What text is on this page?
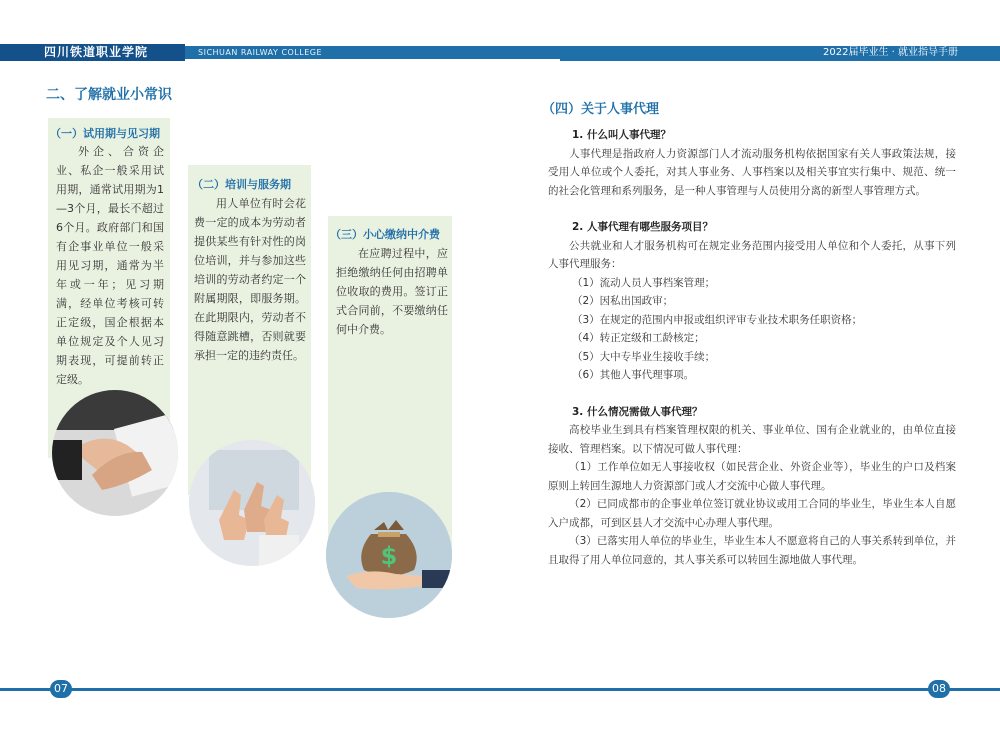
四川铁道职业学院	SICHUAN RAILWAY COLLEGE	2022届毕业生 · 就业指导手册
二、了解就业小常识
（一）试用期与见习期
外企、合资企业、私企一般采用试用期，通常试用期为1—3个月，最长不超过6个月。政府部门和国有企事业单位一般采用见习期，通常为半年或一年；见习期满，经单位考核可转正定级，国企根据本单位规定及个人见习期表现，可提前转正定级。
（二）培训与服务期
用人单位有时会花费一定的成本为劳动者提供某些有针对性的岗位培训，并与参加这些培训的劳动者约定一个附属期限，即服务期。在此期限内，劳动者不得随意跳槽，否则就要承担一定的违约责任。
（三）小心缴纳中介费
在应聘过程中，应拒绝缴纳任何由招聘单位收取的费用。签订正式合同前，不要缴纳任何中介费。
$
（四）关于人事代理
1. 什么叫人事代理？
人事代理是指政府人力资源部门人才流动服务机构依据国家有关人事政策法规，接受用人单位或个人委托，对其人事业务、人事档案以及相关事宜实行集中、规范、统一的社会化管理和系列服务，是一种人事管理与人员使用分离的新型人事管理方式。
2. 人事代理有哪些服务项目？
公共就业和人才服务机构可在规定业务范围内接受用人单位和个人委托，从事下列人事代理服务：
（1）流动人员人事档案管理；
（2）因私出国政审；
（3）在规定的范围内申报或组织评审专业技术职务任职资格；
（4）转正定级和工龄核定；
（5）大中专毕业生接收手续；
（6）其他人事代理事项。
3. 什么情况需做人事代理？
高校毕业生到具有档案管理权限的机关、事业单位、国有企业就业的，由单位直接接收、管理档案。以下情况可做人事代理：
（1）工作单位如无人事接收权（如民营企业、外资企业等），毕业生的户口及档案原则上转回生源地人力资源部门或人才交流中心做人事代理。
（2）已同成都市的企事业单位签订就业协议或用工合同的毕业生，毕业生本人自愿入户成都，可到区县人才交流中心办理人事代理。
（3）已落实用人单位的毕业生，毕业生本人不愿意将自己的人事关系转到单位，并且取得了用人单位同意的，其人事关系可以转回生源地做人事代理。
07	08
